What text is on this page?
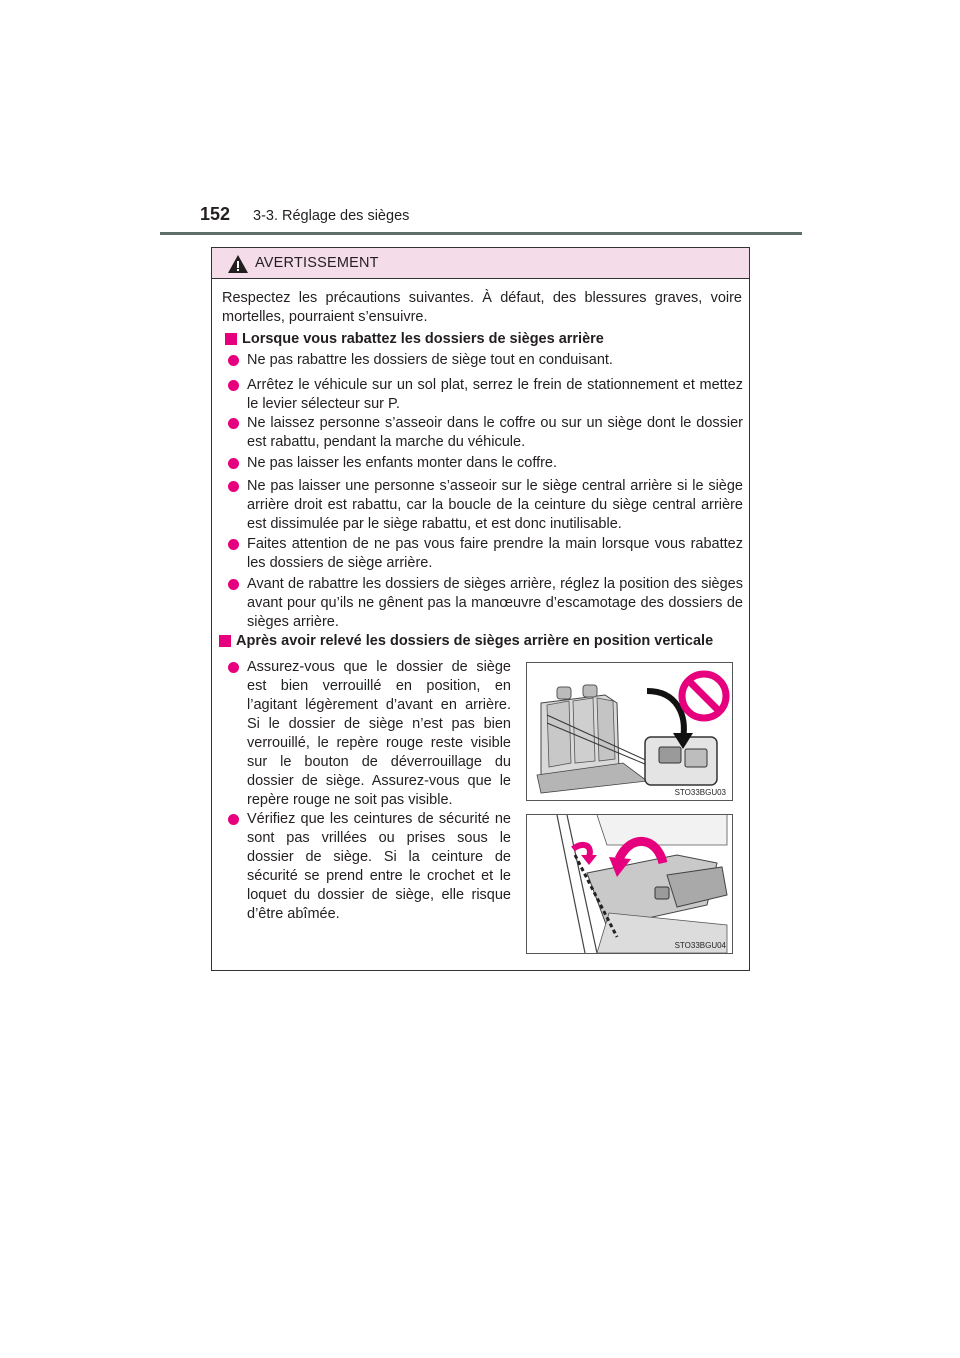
152 3-3. Réglage des sièges
AVERTISSEMENT

Respectez les précautions suivantes. À défaut, des blessures graves, voire mortelles, pourraient s’ensuivre.

Lorsque vous rabattez les dossiers de sièges arrière
Ne pas rabattre les dossiers de siège tout en conduisant.
Arrêtez le véhicule sur un sol plat, serrez le frein de stationnement et mettez le levier sélecteur sur P.
Ne laissez personne s’asseoir dans le coffre ou sur un siège dont le dossier est rabattu, pendant la marche du véhicule.
Ne pas laisser les enfants monter dans le coffre.
Ne pas laisser une personne s’asseoir sur le siège central arrière si le siège arrière droit est rabattu, car la boucle de la ceinture du siège central arrière est dissimulée par le siège rabattu, et est donc inutilisable.
Faites attention de ne pas vous faire prendre la main lorsque vous rabattez les dossiers de siège arrière.
Avant de rabattre les dossiers de sièges arrière, réglez la position des sièges avant pour qu’ils ne gênent pas la manœuvre d’escamotage des dossiers de sièges arrière.
Après avoir relevé les dossiers de sièges arrière en position verticale
Assurez-vous que le dossier de siège est bien verrouillé en position, en l’agitant légèrement d’avant en arrière. Si le dossier de siège n’est pas bien verrouillé, le repère rouge reste visible sur le bouton de déverrouillage du dossier de siège. Assurez-vous que le repère rouge ne soit pas visible.
Vérifiez que les ceintures de sécurité ne sont pas vrillées ou prises sous le dossier de siège. Si la ceinture de sécurité se prend entre le crochet et le loquet du dossier de siège, elle risque d’être abîmée.
STO33BGU03
STO33BGU04
